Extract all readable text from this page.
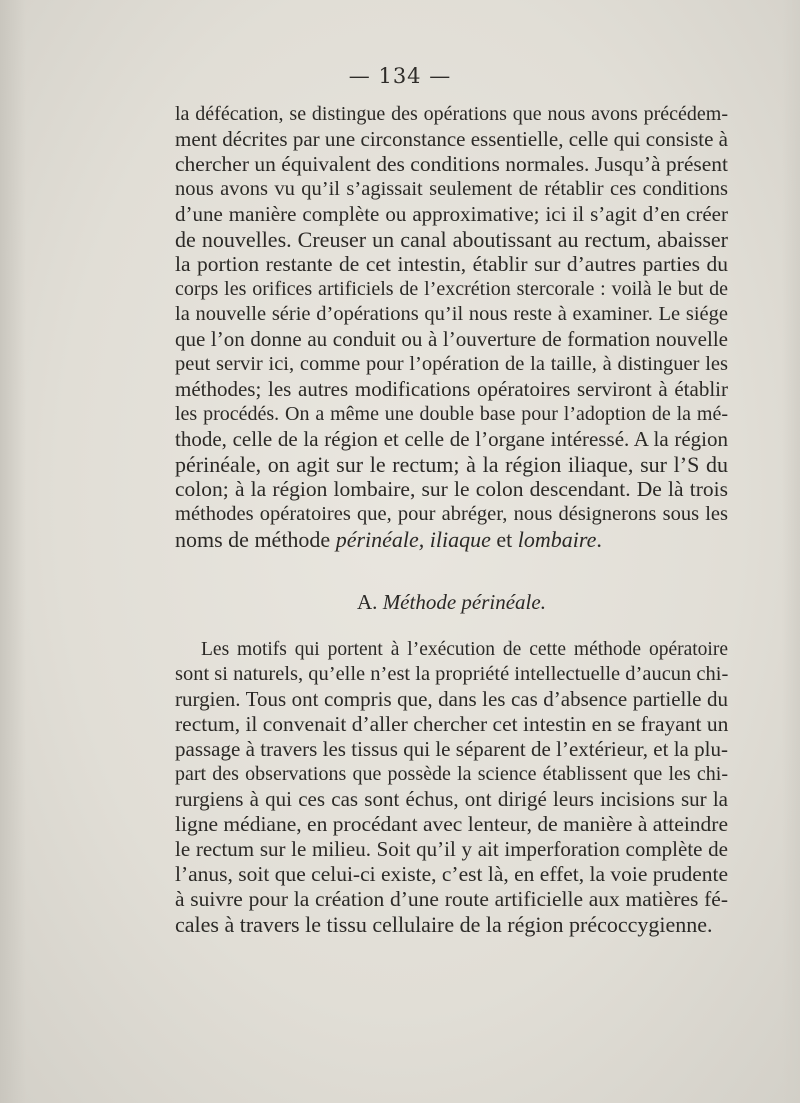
— 134 —

la défécation, se distingue des opérations que nous avons précédem-
ment décrites par une circonstance essentielle, celle qui consiste à
chercher un équivalent des conditions normales. Jusqu’à présent
nous avons vu qu’il s’agissait seulement de rétablir ces conditions
d’une manière complète ou approximative; ici il s’agit d’en créer
de nouvelles. Creuser un canal aboutissant au rectum, abaisser
la portion restante de cet intestin, établir sur d’autres parties du
corps les orifices artificiels de l’excrétion stercorale : voilà le but de
la nouvelle série d’opérations qu’il nous reste à examiner. Le siége
que l’on donne au conduit ou à l’ouverture de formation nouvelle
peut servir ici, comme pour l’opération de la taille, à distinguer les
méthodes; les autres modifications opératoires serviront à établir
les procédés. On a même une double base pour l’adoption de la mé-
thode, celle de la région et celle de l’organe intéressé. A la région
périnéale, on agit sur le rectum; à la région iliaque, sur l’S du
colon; à la région lombaire, sur le colon descendant. De là trois
méthodes opératoires que, pour abréger, nous désignerons sous les
noms de méthode périnéale, iliaque et lombaire.

A. Méthode périnéale.

Les motifs qui portent à l’exécution de cette méthode opératoire
sont si naturels, qu’elle n’est la propriété intellectuelle d’aucun chi-
rurgien. Tous ont compris que, dans les cas d’absence partielle du
rectum, il convenait d’aller chercher cet intestin en se frayant un
passage à travers les tissus qui le séparent de l’extérieur, et la plu-
part des observations que possède la science établissent que les chi-
rurgiens à qui ces cas sont échus, ont dirigé leurs incisions sur la
ligne médiane, en procédant avec lenteur, de manière à atteindre
le rectum sur le milieu. Soit qu’il y ait imperforation complète de
l’anus, soit que celui-ci existe, c’est là, en effet, la voie prudente
à suivre pour la création d’une route artificielle aux matières fé-
cales à travers le tissu cellulaire de la région précoccygienne.
